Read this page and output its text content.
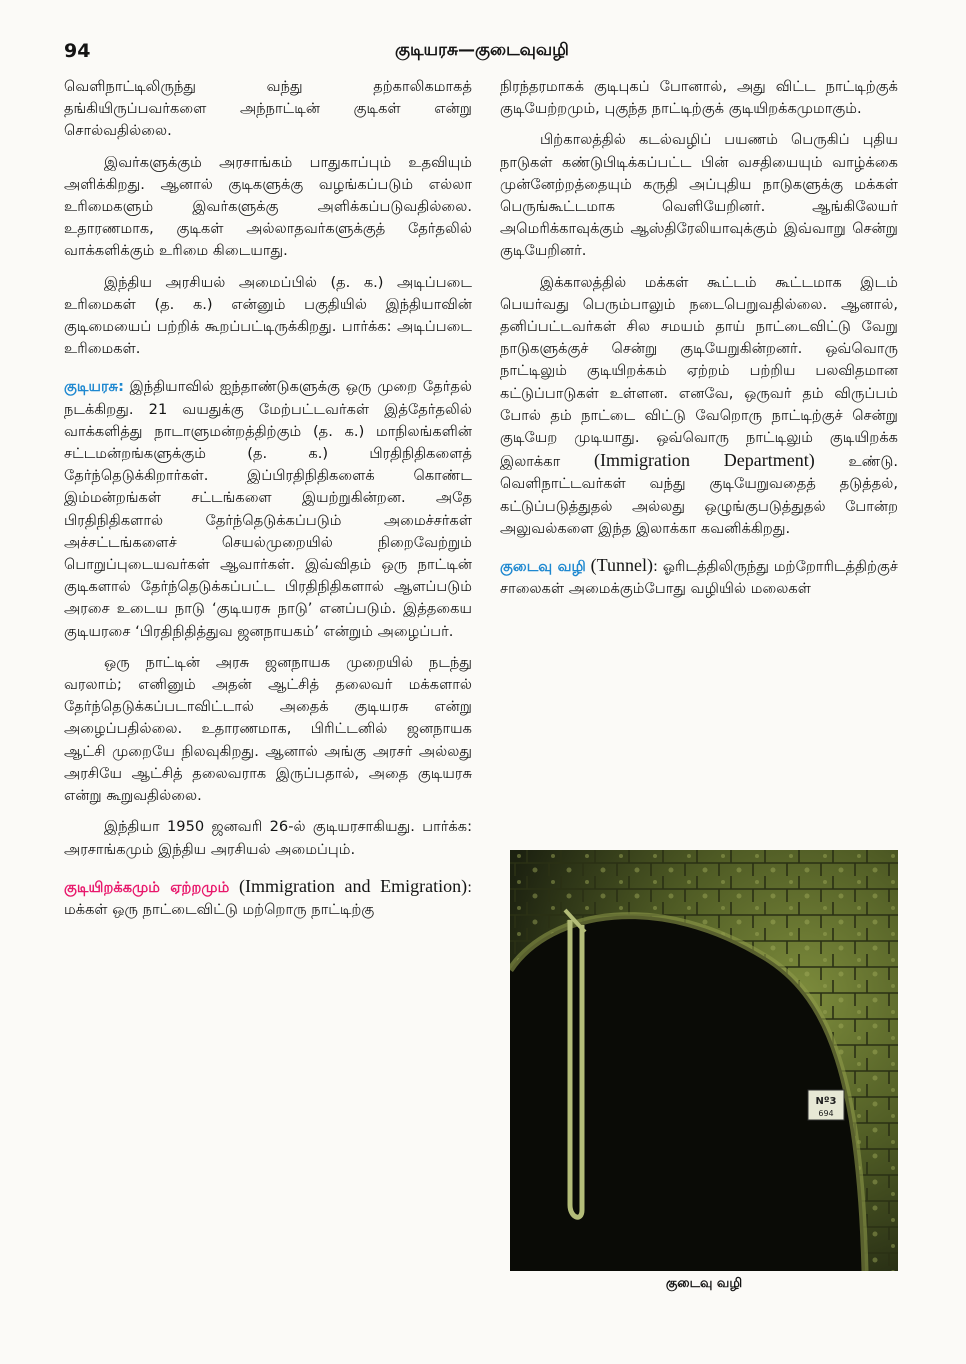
94	குடியரசு—குடைவுவழி

வெளிநாட்டிலிருந்து வந்து தற்காலிகமாகத் தங்கியிருப்பவர்களை அந்நாட்டின் குடிகள் என்று சொல்வதில்லை.

இவர்களுக்கும் அரசாங்கம் பாதுகாப்பும் உதவியும் அளிக்கிறது. ஆனால் குடிகளுக்கு வழங்கப்படும் எல்லா உரிமைகளும் இவர்களுக்கு அளிக்கப்படுவதில்லை. உதாரணமாக, குடிகள் அல்லாதவர்களுக்குத் தேர்தலில் வாக்களிக்கும் உரிமை கிடையாது.

இந்திய அரசியல் அமைப்பில் (த. க.) அடிப்படை உரிமைகள் (த. க.) என்னும் பகுதியில் இந்தியாவின் குடிமையைப் பற்றிக் கூறப்பட்டிருக்கிறது. பார்க்க: அடிப்படை உரிமைகள்.

குடியரசு: இந்தியாவில் ஐந்தாண்டுகளுக்கு ஒரு முறை தேர்தல் நடக்கிறது. 21 வயதுக்கு மேற்பட்டவர்கள் இத்தேர்தலில் வாக்களித்து நாடாளுமன்றத்திற்கும் (த. க.) மாநிலங்களின் சட்டமன்றங்களுக்கும் (த. க.) பிரதிநிதிகளைத் தேர்ந்தெடுக்கிறார்கள். இப்பிரதிநிதிகளைக் கொண்ட இம்மன்றங்கள் சட்டங்களை இயற்றுகின்றன. அதே பிரதிநிதிகளால் தேர்ந்தெடுக்கப்படும் அமைச்சர்கள் அச்சட்டங்களைச் செயல்முறையில் நிறைவேற்றும் பொறுப்புடையவர்கள் ஆவார்கள். இவ்விதம் ஒரு நாட்டின் குடிகளால் தேர்ந்தெடுக்கப்பட்ட பிரதிநிதிகளால் ஆளப்படும் அரசை உடைய நாடு ‘குடியரசு நாடு’ எனப்படும். இத்தகைய குடியரசை ‘பிரதிநிதித்துவ ஜனநாயகம்’ என்றும் அழைப்பர்.

ஒரு நாட்டின் அரசு ஜனநாயக முறையில் நடந்து வரலாம்; எனினும் அதன் ஆட்சித் தலைவர் மக்களால் தேர்ந்தெடுக்கப்படாவிட்டால் அதைக் குடியரசு என்று அழைப்பதில்லை. உதாரணமாக, பிரிட்டனில் ஜனநாயக ஆட்சி முறையே நிலவுகிறது. ஆனால் அங்கு அரசர் அல்லது அரசியே ஆட்சித் தலைவராக இருப்பதால், அதை குடியரசு என்று கூறுவதில்லை.

இந்தியா 1950 ஜனவரி 26-ல் குடியரசாகியது. பார்க்க: அரசாங்கமும் இந்திய அரசியல் அமைப்பும்.

குடியிறக்கமும் ஏற்றமும் (Immigration and Emigration): மக்கள் ஒரு நாட்டைவிட்டு மற்றொரு நாட்டிற்கு

நிரந்தரமாகக் குடிபுகப் போனால், அது விட்ட நாட்டிற்குக் குடியேற்றமும், புகுந்த நாட்டிற்குக் குடியிறக்கமுமாகும்.

பிற்காலத்தில் கடல்வழிப் பயணம் பெருகிப் புதிய நாடுகள் கண்டுபிடிக்கப்பட்ட பின் வசதியையும் வாழ்க்கை முன்னேற்றத்தையும் கருதி அப்புதிய நாடுகளுக்கு மக்கள் பெருங்கூட்டமாக வெளியேறினர். ஆங்கிலேயர் அமெரிக்காவுக்கும் ஆஸ்திரேலியாவுக்கும் இவ்வாறு சென்று குடியேறினர்.

இக்காலத்தில் மக்கள் கூட்டம் கூட்டமாக இடம் பெயர்வது பெரும்பாலும் நடைபெறுவதில்லை. ஆனால், தனிப்பட்டவர்கள் சில சமயம் தாய் நாட்டைவிட்டு வேறு நாடுகளுக்குச் சென்று குடியேறுகின்றனர். ஒவ்வொரு நாட்டிலும் குடியிறக்கம் ஏற்றம் பற்றிய பலவிதமான கட்டுப்பாடுகள் உள்ளன. எனவே, ஒருவர் தம் விருப்பம் போல் தம் நாட்டை விட்டு வேறொரு நாட்டிற்குச் சென்று குடியேற முடியாது. ஒவ்வொரு நாட்டிலும் குடியிறக்க இலாக்கா (Immigration Department) உண்டு. வெளிநாட்டவர்கள் வந்து குடியேறுவதைத் தடுத்தல், கட்டுப்படுத்துதல் அல்லது ஒழுங்குபடுத்துதல் போன்ற அலுவல்களை இந்த இலாக்கா கவனிக்கிறது.

குடைவு வழி (Tunnel): ஓரிடத்திலிருந்து மற்றோரிடத்திற்குச் சாலைகள் அமைக்கும்போது வழியில் மலைகள்

Nº3
694
குடைவு வழி
